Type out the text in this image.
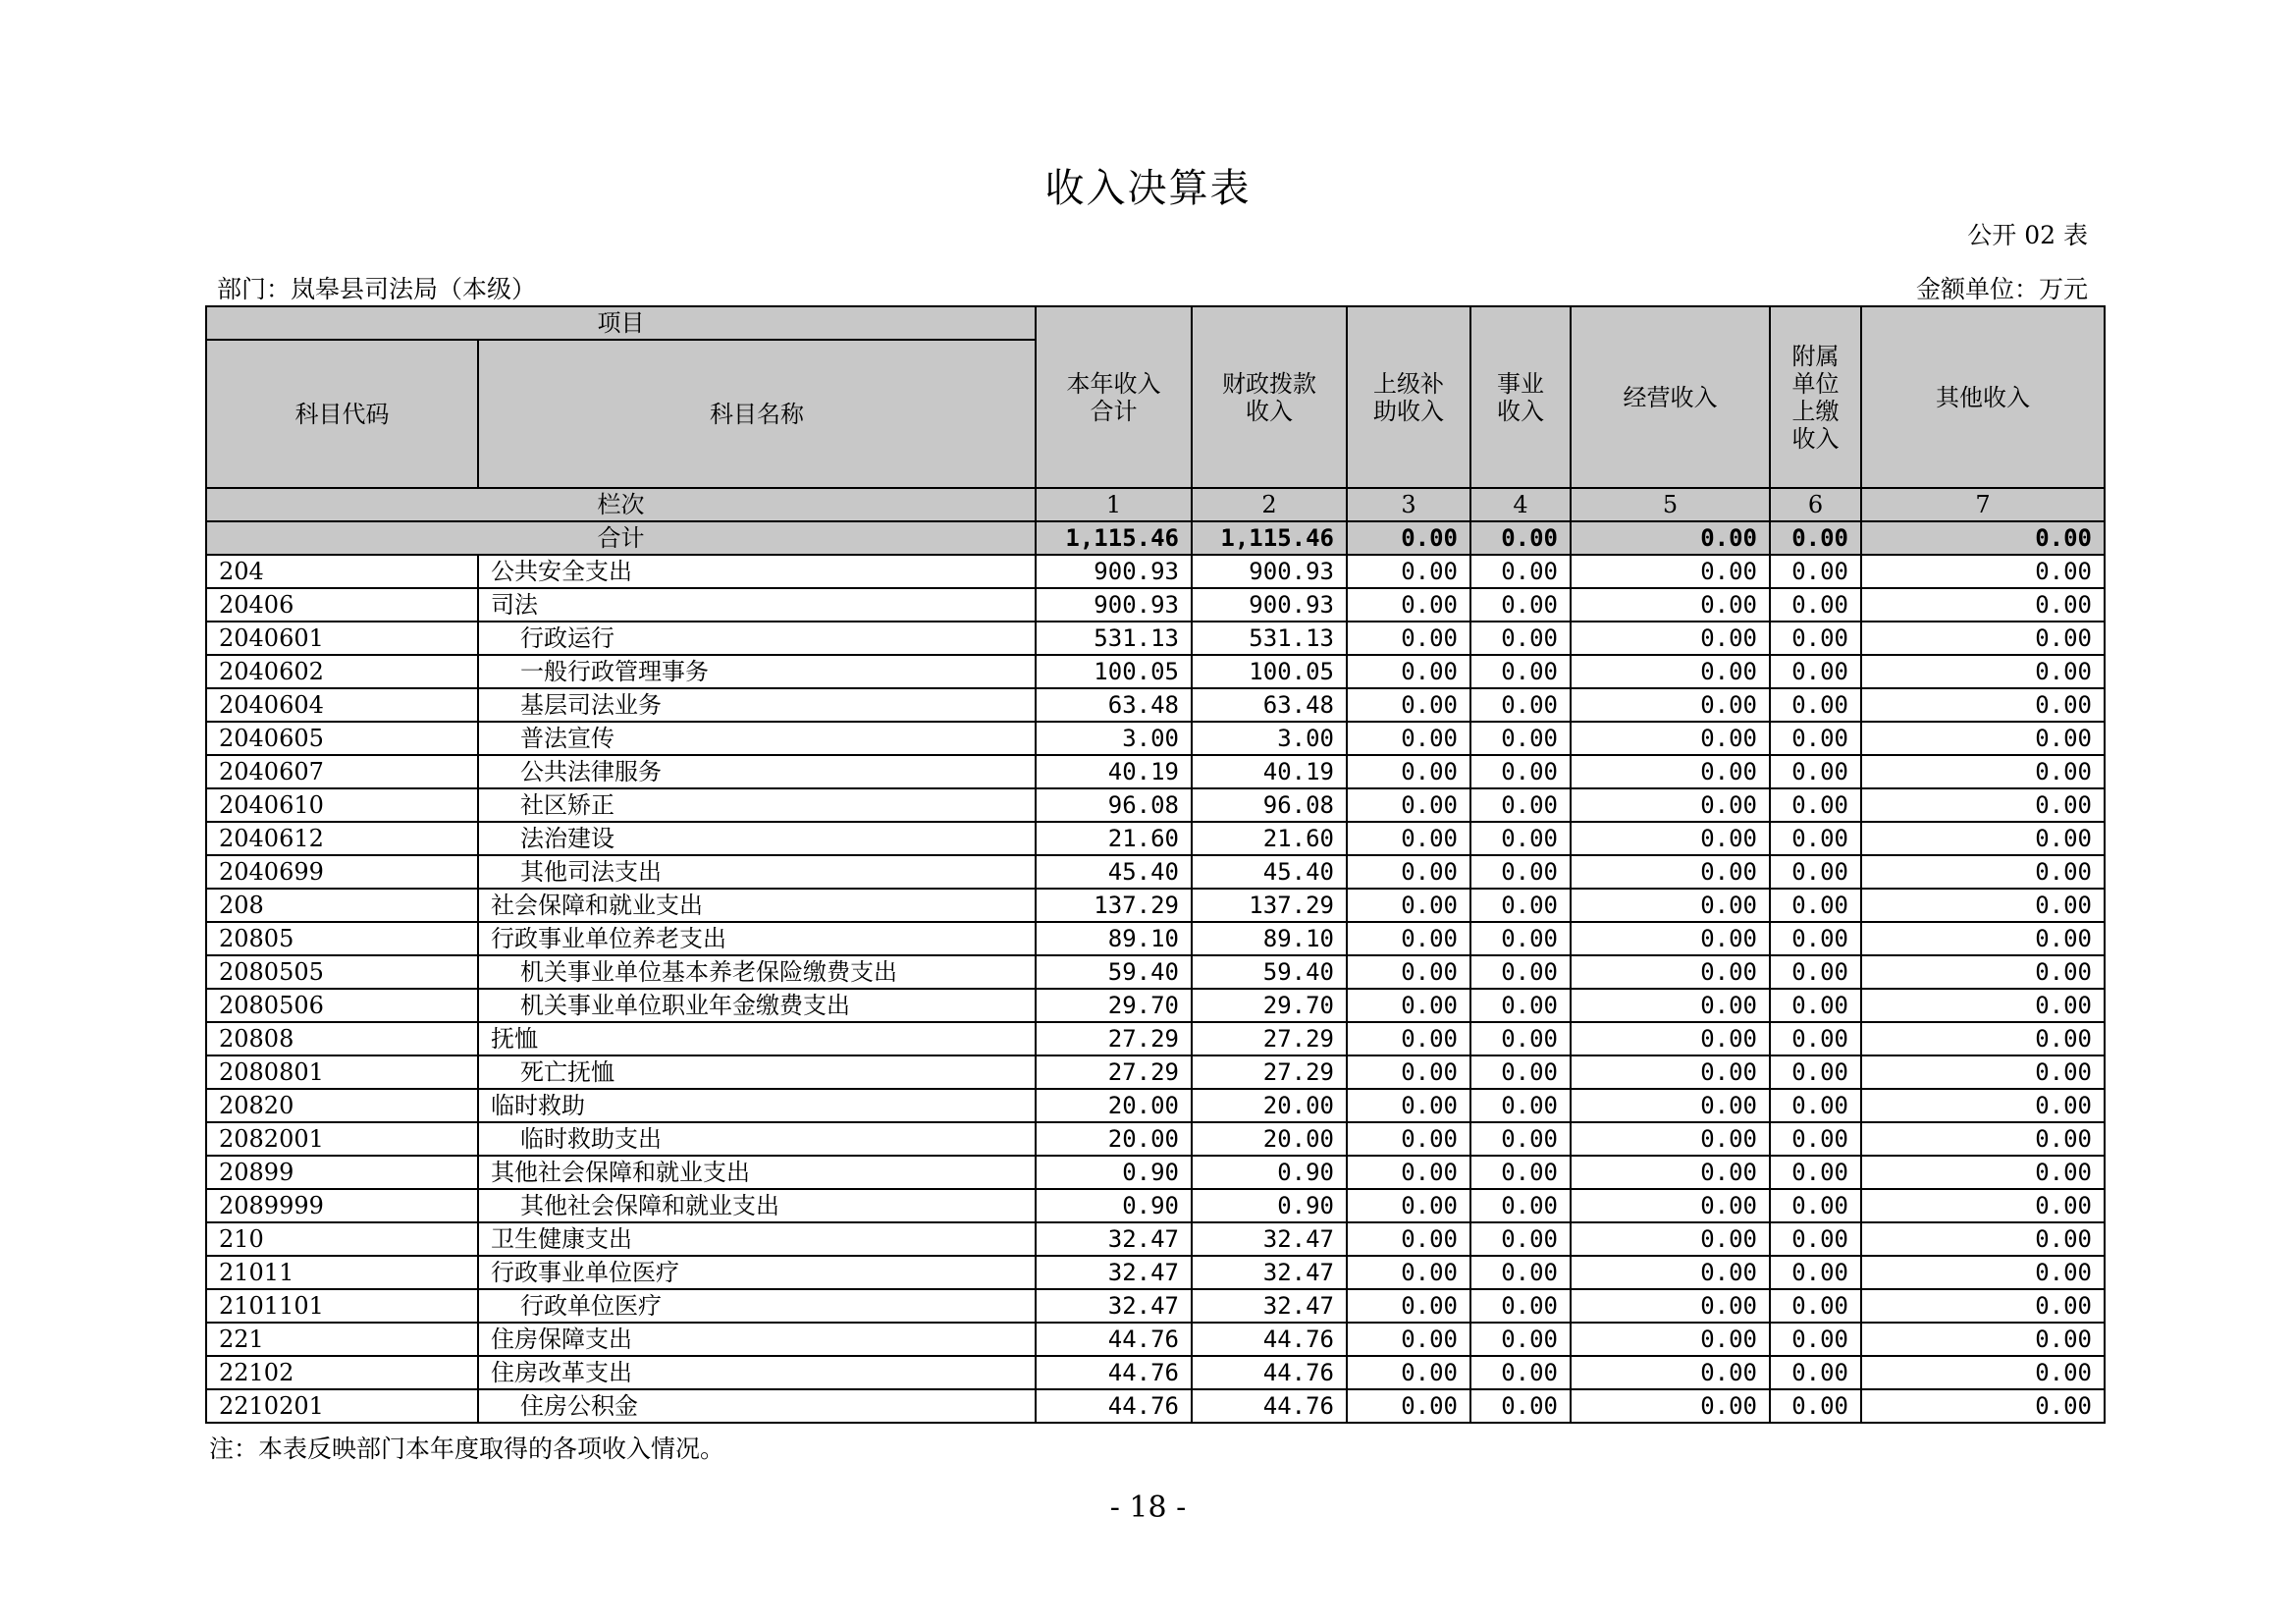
收入决算表
公开 02 表
部门：岚皋县司法局（本级）	金额单位：万元
项目		本年收入合计	财政拨款收入	上级补助收入	事业收入	经营收入	附属单位上缴收入	其他收入
科目代码	科目名称							
栏次		1	2	3	4	5	6	7
合计		1,115.46	1,115.46	0.00	0.00	0.00	0.00	0.00
204	公共安全支出	900.93	900.93	0.00	0.00	0.00	0.00	0.00
20406	司法	900.93	900.93	0.00	0.00	0.00	0.00	0.00
2040601	行政运行	531.13	531.13	0.00	0.00	0.00	0.00	0.00
2040602	一般行政管理事务	100.05	100.05	0.00	0.00	0.00	0.00	0.00
2040604	基层司法业务	63.48	63.48	0.00	0.00	0.00	0.00	0.00
2040605	普法宣传	3.00	3.00	0.00	0.00	0.00	0.00	0.00
2040607	公共法律服务	40.19	40.19	0.00	0.00	0.00	0.00	0.00
2040610	社区矫正	96.08	96.08	0.00	0.00	0.00	0.00	0.00
2040612	法治建设	21.60	21.60	0.00	0.00	0.00	0.00	0.00
2040699	其他司法支出	45.40	45.40	0.00	0.00	0.00	0.00	0.00
208	社会保障和就业支出	137.29	137.29	0.00	0.00	0.00	0.00	0.00
20805	行政事业单位养老支出	89.10	89.10	0.00	0.00	0.00	0.00	0.00
2080505	机关事业单位基本养老保险缴费支出	59.40	59.40	0.00	0.00	0.00	0.00	0.00
2080506	机关事业单位职业年金缴费支出	29.70	29.70	0.00	0.00	0.00	0.00	0.00
20808	抚恤	27.29	27.29	0.00	0.00	0.00	0.00	0.00
2080801	死亡抚恤	27.29	27.29	0.00	0.00	0.00	0.00	0.00
20820	临时救助	20.00	20.00	0.00	0.00	0.00	0.00	0.00
2082001	临时救助支出	20.00	20.00	0.00	0.00	0.00	0.00	0.00
20899	其他社会保障和就业支出	0.90	0.90	0.00	0.00	0.00	0.00	0.00
2089999	其他社会保障和就业支出	0.90	0.90	0.00	0.00	0.00	0.00	0.00
210	卫生健康支出	32.47	32.47	0.00	0.00	0.00	0.00	0.00
21011	行政事业单位医疗	32.47	32.47	0.00	0.00	0.00	0.00	0.00
2101101	行政单位医疗	32.47	32.47	0.00	0.00	0.00	0.00	0.00
221	住房保障支出	44.76	44.76	0.00	0.00	0.00	0.00	0.00
22102	住房改革支出	44.76	44.76	0.00	0.00	0.00	0.00	0.00
2210201	住房公积金	44.76	44.76	0.00	0.00	0.00	0.00	0.00
注：本表反映部门本年度取得的各项收入情况。
- 18 -
